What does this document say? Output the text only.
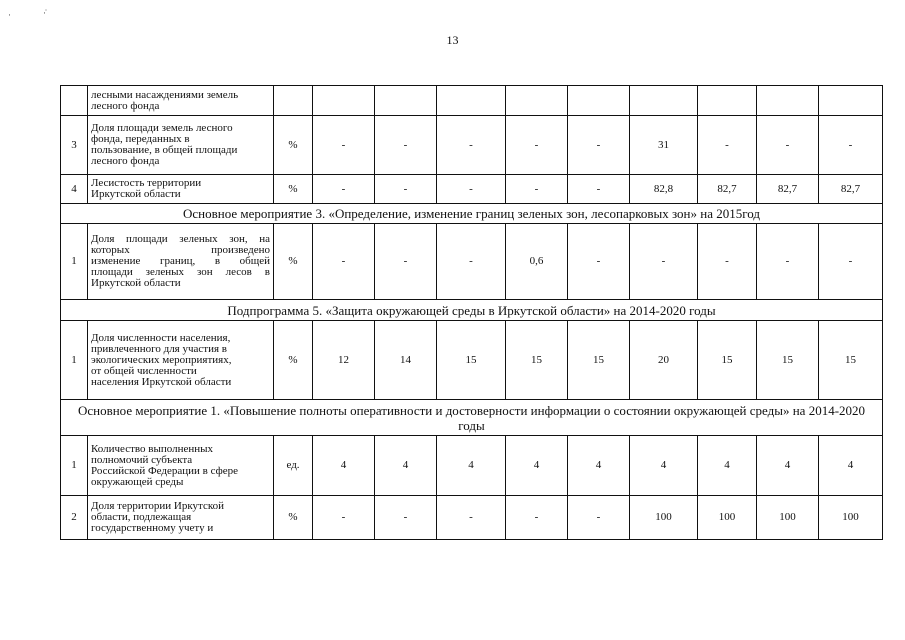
·	·̇
13

	лесными насаждениями земель
лесного фонда										

3	Доля площади земель лесного
фонда, переданных в
пользование, в общей площади
лесного фонда	%	-	-	-	-	-	31	-	-	-
4	Лесистость территории
Иркутской области	%	-	-	-	-	-	82,8	82,7	82,7	82,7
Основное мероприятие 3. «Определение, изменение границ зеленых зон, лесопарковых зон» на 2015год											
1	Доля площади зеленых зон, на
которых произведено
изменение границ, в общей
площади зеленых зон лесов в
Иркутской области	%	-	-	-	0,6	-	-	-	-	-
Подпрограмма 5. «Защита окружающей среды в Иркутской области» на 2014-2020 годы											
1	Доля численности населения,
привлеченного для участия в
экологических мероприятиях,
от общей численности
населения Иркутской области	%	12	14	15	15	15	20	15	15	15
Основное мероприятие 1. «Повышение полноты оперативности и достоверности информации о состоянии окружающей среды» на 2014-2020 годы											
1	Количество выполненных
полномочий субъекта
Российской Федерации в сфере
окружающей среды	ед.	4	4	4	4	4	4	4	4	4
2	Доля территории Иркутской
области, подлежащая
государственному учету и	%	-	-	-	-	-	100	100	100	100
